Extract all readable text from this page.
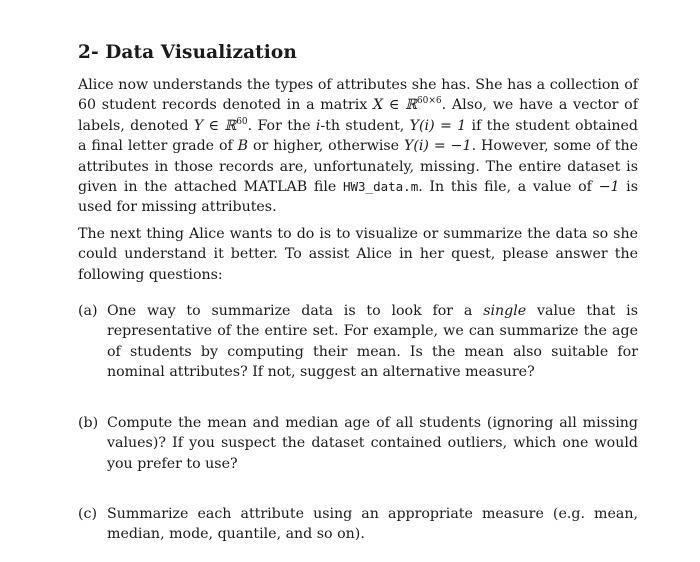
2- Data Visualization

Alice now understands the types of attributes she has. She has a collection of 60 student records denoted in a matrix X ∈ ℝ$^{60\times 6}$. Also, we have a vector of labels, denoted Y ∈ ℝ$^{60}$. For the i-th student, Y(i) = 1 if the student obtained a final letter grade of B or higher, otherwise Y(i) = −1. However, some of the attributes in those records are, unfortunately, missing. The entire dataset is given in the attached MATLAB file HW3_data.m. In this file, a value of −1 is used for missing attributes.

The next thing Alice wants to do is to visualize or summarize the data so she could understand it better. To assist Alice in her quest, please answer the following questions:

(a) One way to summarize data is to look for a single value that is representative of the entire set. For example, we can summarize the age of students by computing their mean. Is the mean also suitable for nominal attributes? If not, suggest an alternative measure?
(b) Compute the mean and median age of all students (ignoring all missing values)? If you suspect the dataset contained outliers, which one would you prefer to use?
(c) Summarize each attribute using an appropriate measure (e.g. mean, median, mode, quantile, and so on).
